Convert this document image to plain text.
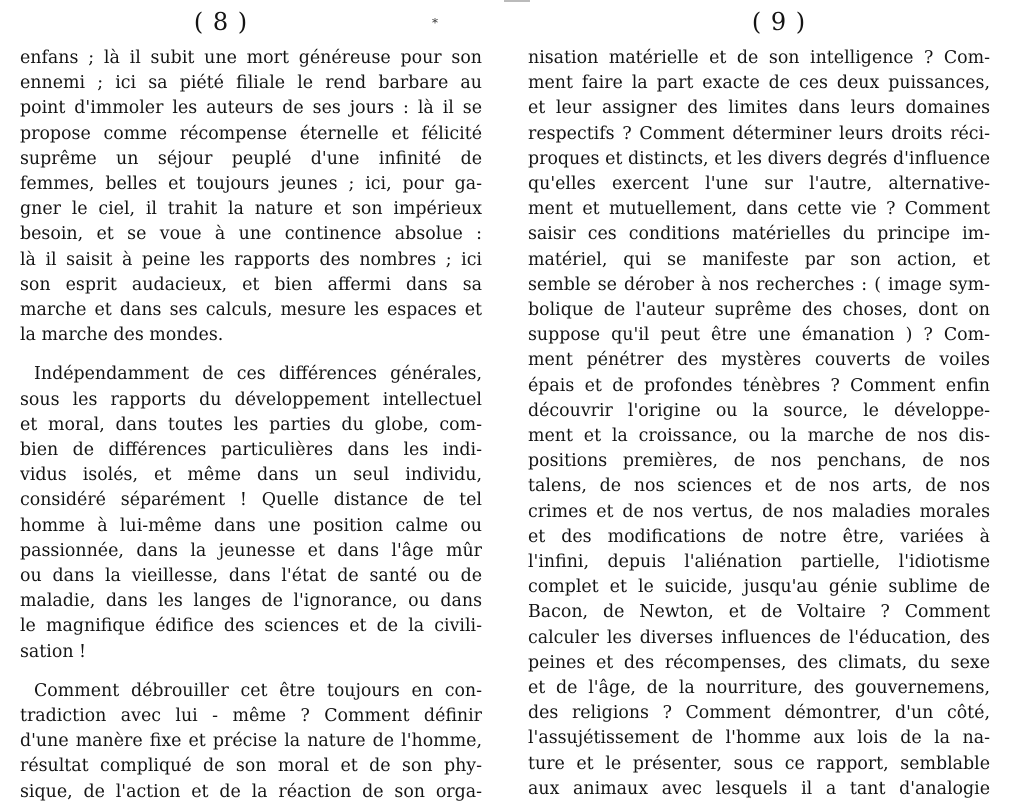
( 8 )	⁎
enfans ; là il subit une mort généreuse pour son
ennemi ; ici sa piété filiale le rend barbare au
point d'immoler les auteurs de ses jours : là il se
propose comme récompense éternelle et félicité
suprême un séjour peuplé d'une infinité de
femmes, belles et toujours jeunes ; ici, pour ga-
gner le ciel, il trahit la nature et son impérieux
besoin, et se voue à une continence absolue :
là il saisit à peine les rapports des nombres ; ici
son esprit audacieux, et bien affermi dans sa
marche et dans ses calculs, mesure les espaces et
la marche des mondes.
Indépendamment de ces différences générales,
sous les rapports du développement intellectuel
et moral, dans toutes les parties du globe, com-
bien de différences particulières dans les indi-
vidus isolés, et même dans un seul individu,
considéré séparément ! Quelle distance de tel
homme à lui-même dans une position calme ou
passionnée, dans la jeunesse et dans l'âge mûr
ou dans la vieillesse, dans l'état de santé ou de
maladie, dans les langes de l'ignorance, ou dans
le magnifique édifice des sciences et de la civili-
sation !
Comment débrouiller cet être toujours en con-
tradiction avec lui - même ? Comment définir
d'une manère fixe et précise la nature de l'homme,
résultat compliqué de son moral et de son phy-
sique, de l'action et de la réaction de son orga-
( 9 )
nisation matérielle et de son intelligence ? Com-
ment faire la part exacte de ces deux puissances,
et leur assigner des limites dans leurs domaines
respectifs ? Comment déterminer leurs droits réci-
proques et distincts, et les divers degrés d'influence
qu'elles exercent l'une sur l'autre, alternative-
ment et mutuellement, dans cette vie ? Comment
saisir ces conditions matérielles du principe im-
matériel, qui se manifeste par son action, et
semble se dérober à nos recherches : ( image sym-
bolique de l'auteur suprême des choses, dont on
suppose qu'il peut être une émanation ) ? Com-
ment pénétrer des mystères couverts de voiles
épais et de profondes ténèbres ? Comment enfin
découvrir l'origine ou la source, le développe-
ment et la croissance, ou la marche de nos dis-
positions premières, de nos penchans, de nos
talens, de nos sciences et de nos arts, de nos
crimes et de nos vertus, de nos maladies morales
et des modifications de notre être, variées à
l'infini, depuis l'aliénation partielle, l'idiotisme
complet et le suicide, jusqu'au génie sublime de
Bacon, de Newton, et de Voltaire ? Comment
calculer les diverses influences de l'éducation, des
peines et des récompenses, des climats, du sexe
et de l'âge, de la nourriture, des gouvernemens,
des religions ? Comment démontrer, d'un côté,
l'assujétissement de l'homme aux lois de la na-
ture et le présenter, sous ce rapport, semblable
aux animaux avec lesquels il a tant d'analogie
